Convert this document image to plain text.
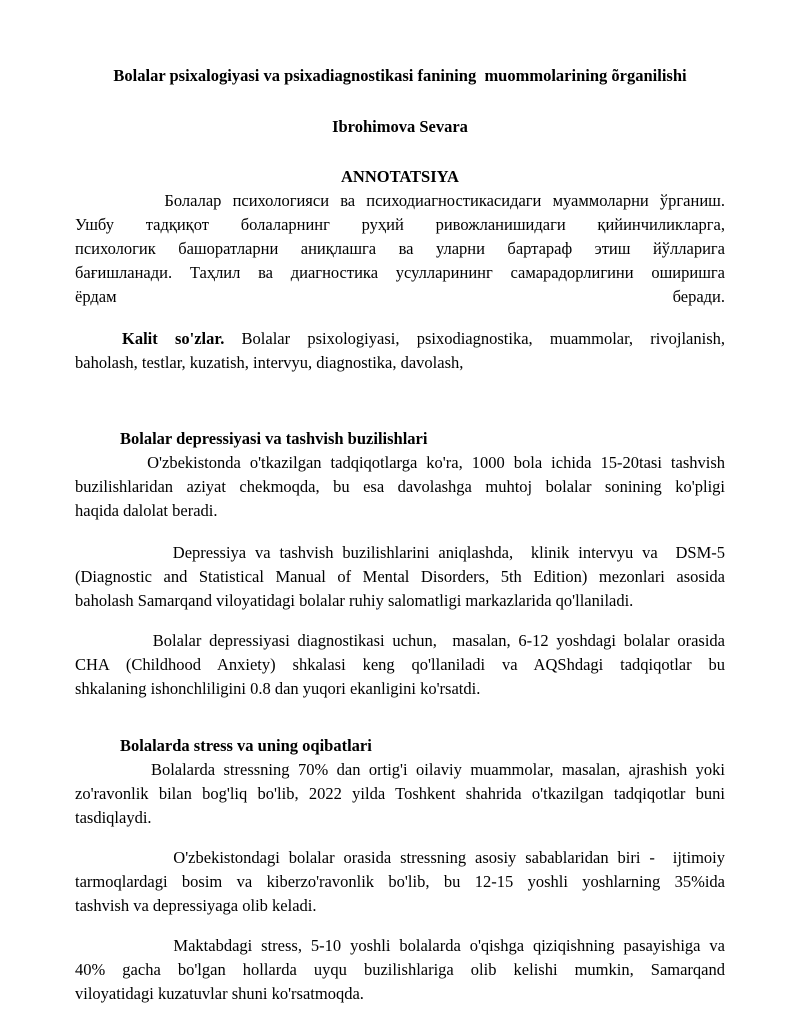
Bolalar psixalogiyasi va psixadiagnostikasi fanining  muommolarining õrganilishi
Ibrohimova Sevara
ANNOTATSIYA
Болалар психологияси ва психодиагностикасидаги муаммоларни ўрганиш.
Ушбу тадқиқот болаларнинг руҳий ривожланишидаги қийинчиликларга,
психологик башоратларни аниқлашга ва уларни бартараф этиш йўлларига
бағишланади. Таҳлил ва диагностика усулларининг самарадорлигини оширишга
ёрдам	беради.
Kalit so'zlar. Bolalar psixologiyasi, psixodiagnostika, muammolar, rivojlanish,
baholash, testlar, kuzatish, intervyu, diagnostika, davolash,
Bolalar depressiyasi va tashvish buzilishlari
O'zbekistonda o'tkazilgan tadqiqotlarga ko'ra, 1000 bola ichida 15-20tasi tashvish
buzilishlaridan aziyat chekmoqda, bu esa davolashga muhtoj bolalar sonining ko'pligi
haqida dalolat beradi.
Depressiya va tashvish buzilishlarini aniqlashda,  klinik intervyu va  DSM-5
(Diagnostic and Statistical Manual of Mental Disorders, 5th Edition) mezonlari asosida
baholash Samarqand viloyatidagi bolalar ruhiy salomatligi markazlarida qo'llaniladi.
Bolalar depressiyasi diagnostikasi uchun,  masalan, 6-12 yoshdagi bolalar orasida
CHA (Childhood Anxiety) shkalasi keng qo'llaniladi va AQShdagi tadqiqotlar bu
shkalaning ishonchliligini 0.8 dan yuqori ekanligini ko'rsatdi.
Bolalarda stress va uning oqibatlari
Bolalarda stressning 70% dan ortig'i oilaviy muammolar, masalan, ajrashish yoki
zo'ravonlik bilan bog'liq bo'lib, 2022 yilda Toshkent shahrida o'tkazilgan tadqiqotlar buni
tasdiqlaydi.
O'zbekistondagi bolalar orasida stressning asosiy sabablaridan biri -  ijtimoiy
tarmoqlardagi bosim va kiberzo'ravonlik bo'lib, bu 12-15 yoshli yoshlarning 35%ida
tashvish va depressiyaga olib keladi.
Maktabdagi stress, 5-10 yoshli bolalarda o'qishga qiziqishning pasayishiga va
40% gacha bo'lgan hollarda uyqu buzilishlariga olib kelishi mumkin, Samarqand
viloyatidagi kuzatuvlar shuni ko'rsatmoqda.
